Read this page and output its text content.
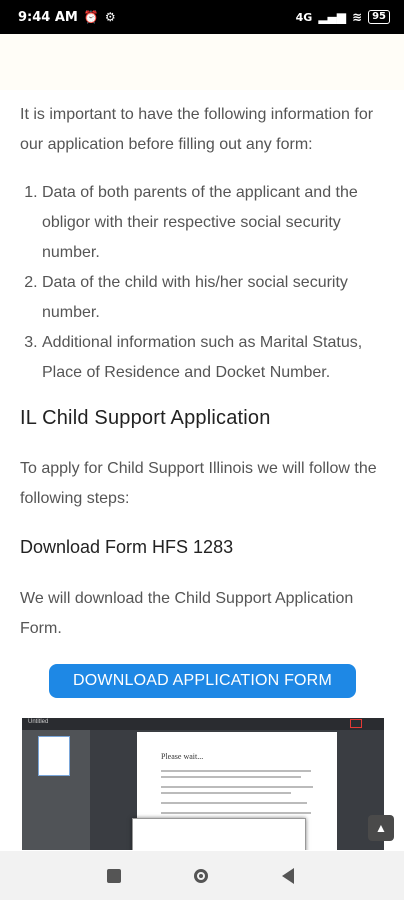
9:44 AM ⏰ ⚙	4G ▂▄▆ ≋	95

It is important to have the following information for our application before filling out any form:

1. Data of both parents of the applicant and the obligor with their respective social security number.
2. Data of the child with his/her social security number.
3. Additional information such as Marital Status, Place of Residence and Docket Number.
IL Child Support Application

To apply for Child Support Illinois we will follow the following steps:

Download Form HFS 1283

We will download the Child Support Application Form.

DOWNLOAD APPLICATION FORM
Untitled
Please wait...
▲
